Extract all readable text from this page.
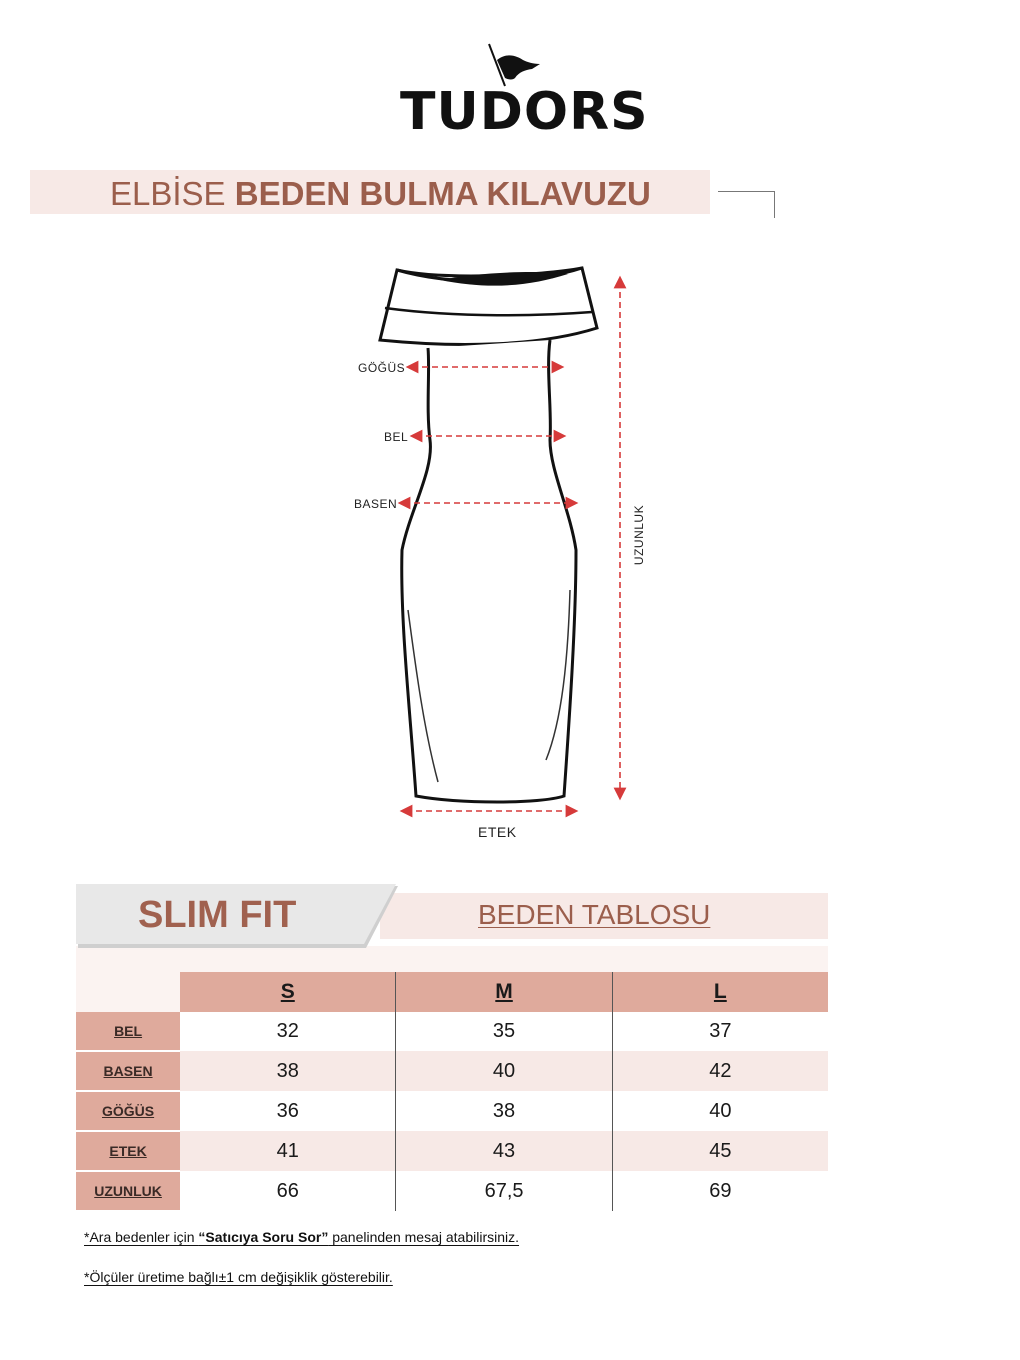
TUDORS
ELBİSE BEDEN BULMA KILAVUZU
GÖĞÜS
BEL
BASEN
ETEK
UZUNLUK
BEDEN TABLOSU
SLIM FIT
	S	M	L
BEL	32	35	37
BASEN	38	40	42
GÖĞÜS	36	38	40
ETEK	41	43	45
UZUNLUK	66	67,5	69
*Ara bedenler için “Satıcıya Soru Sor” panelinden mesaj atabilirsiniz.
*Ölçüler üretime bağlı±1 cm değişiklik gösterebilir.
